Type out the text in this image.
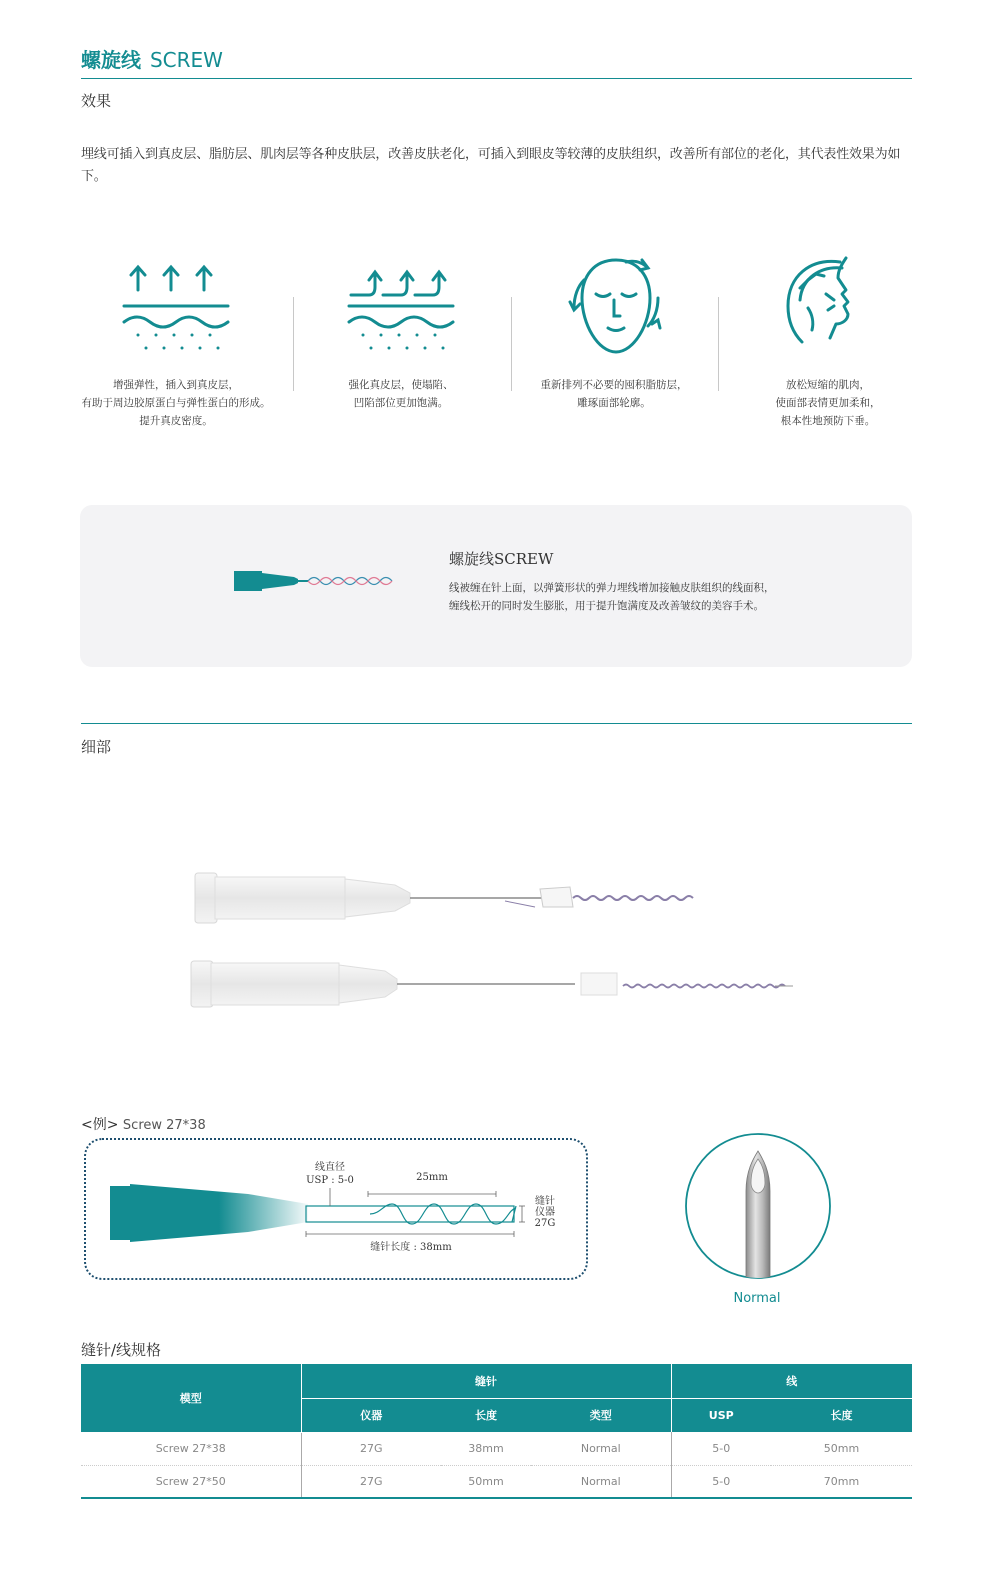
螺旋线 SCREW
效果
埋线可插入到真皮层、脂肪层、肌肉层等各种皮肤层，改善皮肤老化，可插入到眼皮等较薄的皮肤组织，改善所有部位的老化，其代表性效果为如下。
增强弹性，插入到真皮层，
有助于周边胶原蛋白与弹性蛋白的形成。
提升真皮密度。
强化真皮层，使塌陷、
凹陷部位更加饱满。
重新排列不必要的囤积脂肪层，
雕琢面部轮廓。
放松短缩的肌肉，
使面部表情更加柔和，
根本性地预防下垂。
螺旋线SCREW
线被缠在针上面，以弹簧形状的弹力埋线增加接触皮肤组织的线面积，
缠线松开的同时发生膨胀，用于提升饱满度及改善皱纹的美容手术。
细部
<例> Screw 27*38
线直径
USP : 5-0	25mm
缝针长度 : 38mm
缝针
仪器
27G
Normal
缝针/线规格
模型	缝针			线	
	仪器	长度	类型	USP	长度
Screw 27*38	27G	38mm	Normal	5-0	50mm
Screw 27*50	27G	50mm	Normal	5-0	70mm
